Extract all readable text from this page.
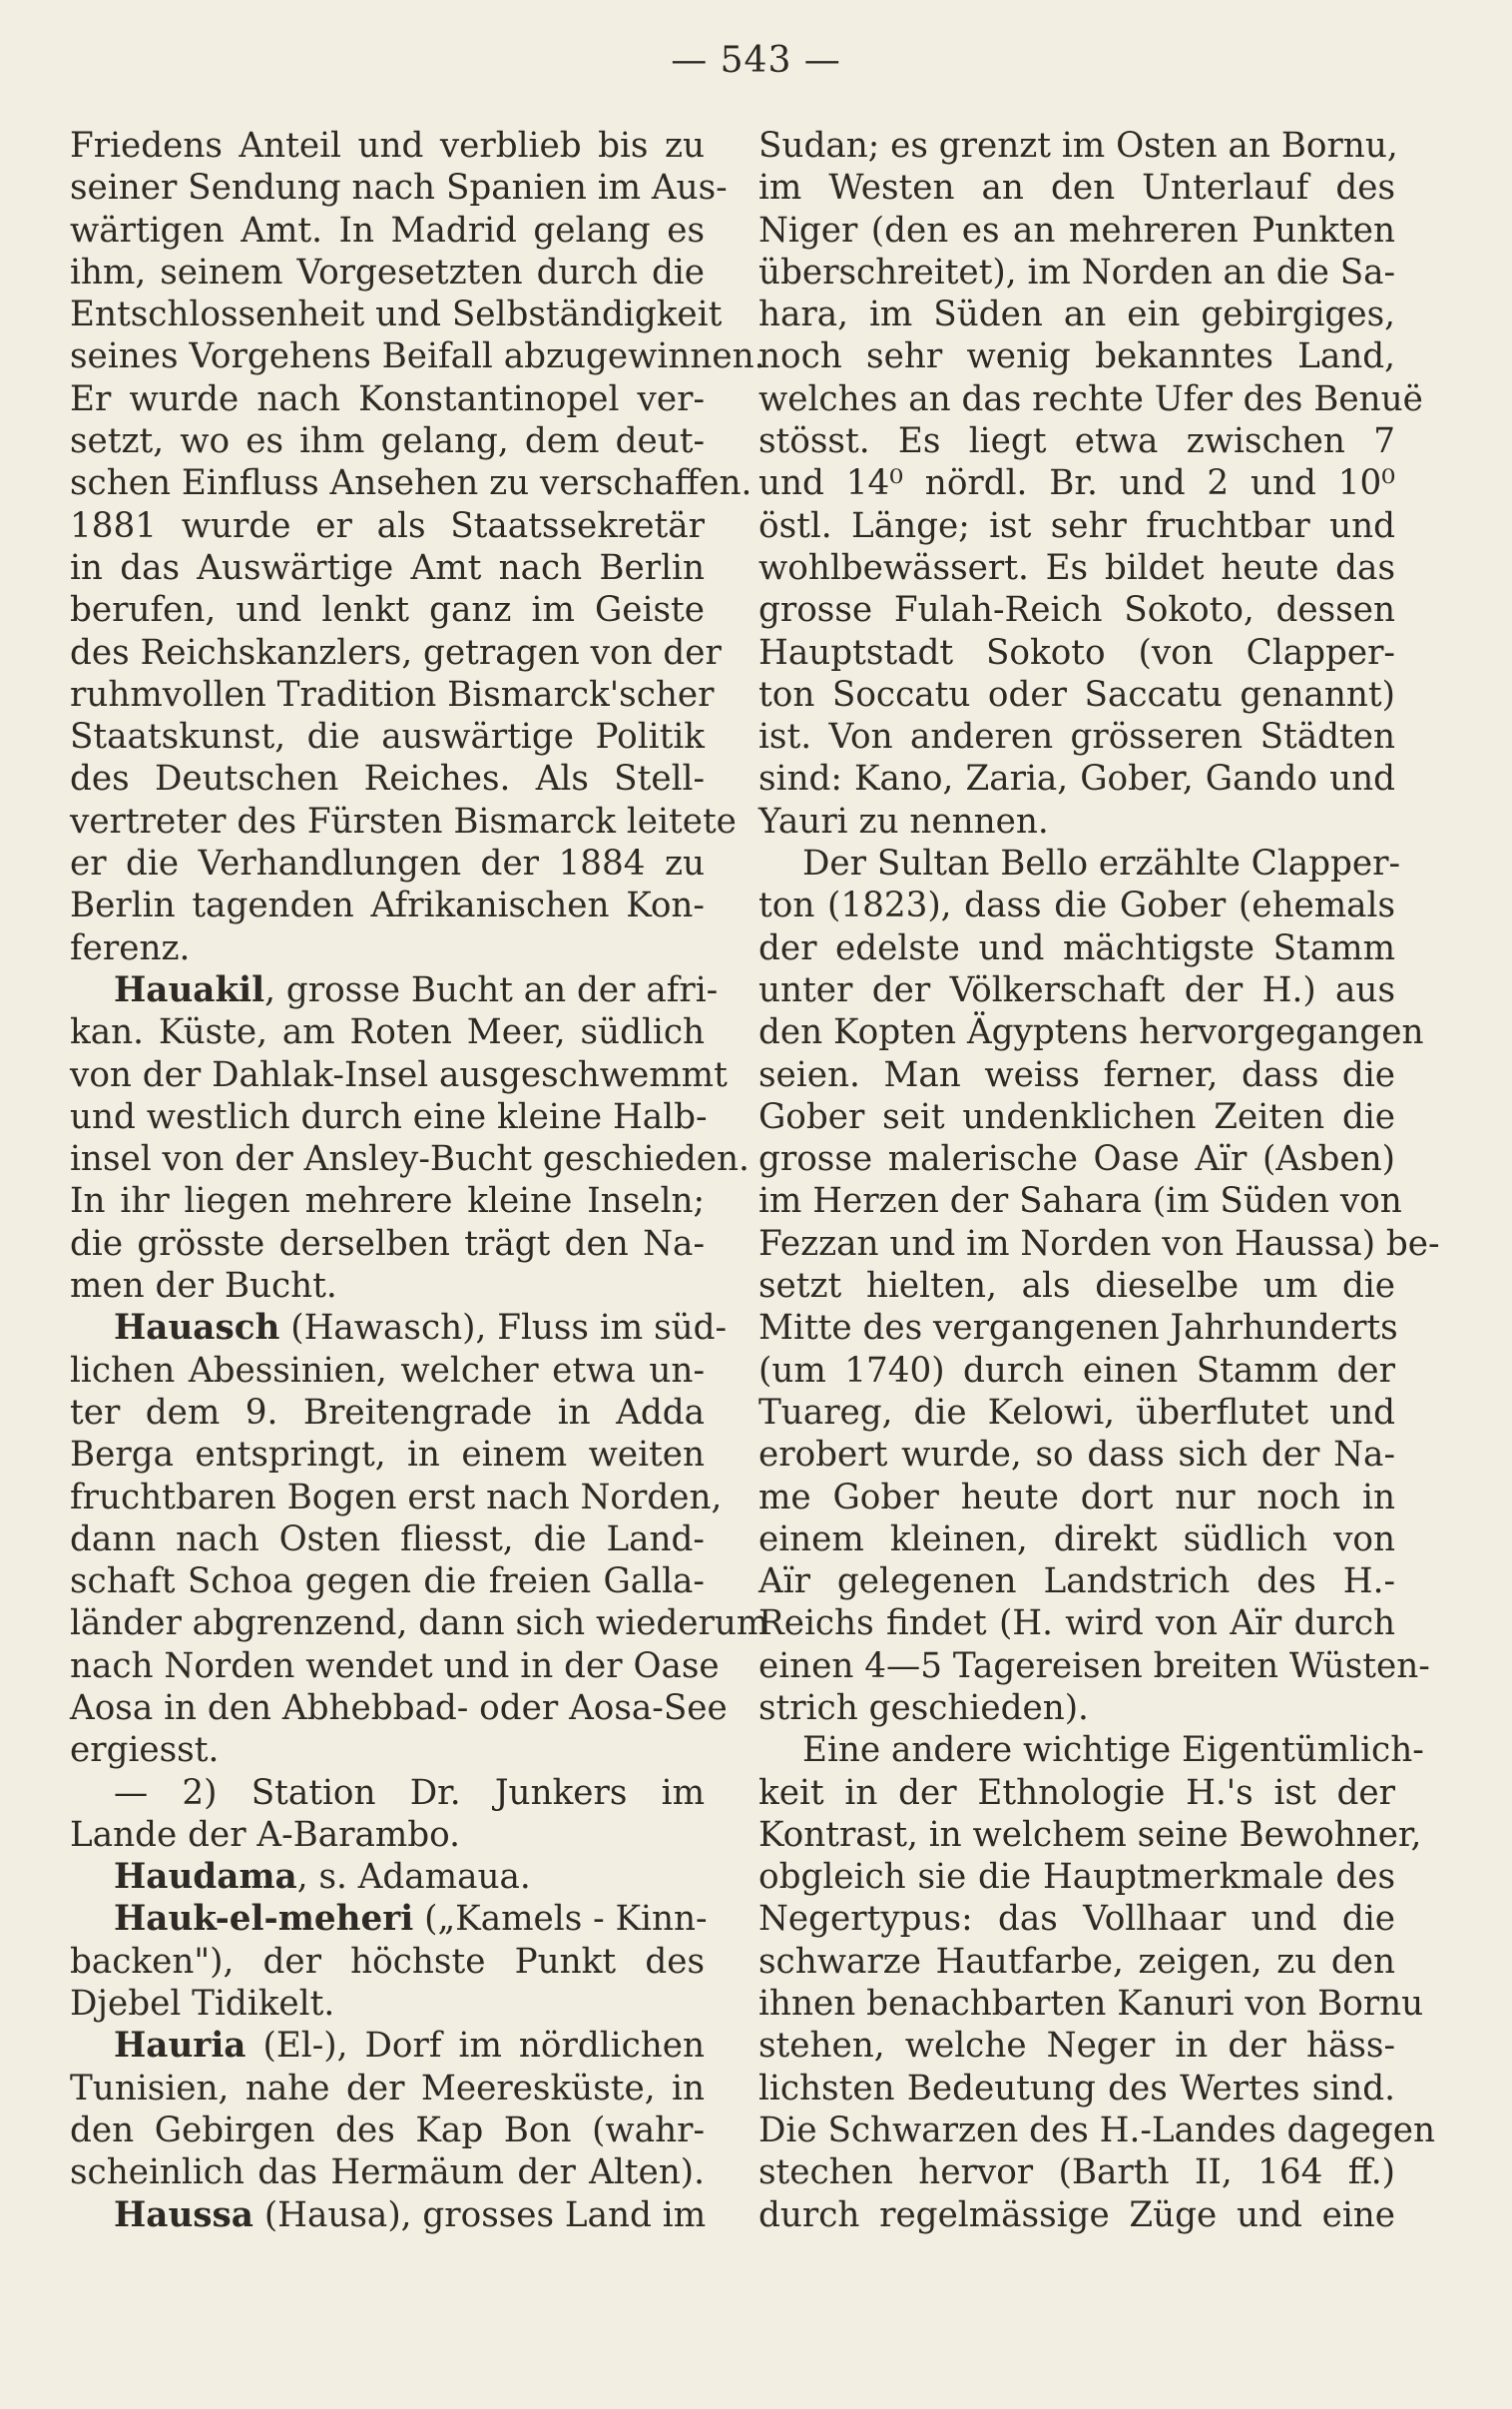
— 543 —
Friedens Anteil und verblieb bis zu
seiner Sendung nach Spanien im Aus-
wärtigen Amt. In Madrid gelang es
ihm, seinem Vorgesetzten durch die
Entschlossenheit und Selbständigkeit
seines Vorgehens Beifall abzugewinnen.
Er wurde nach Konstantinopel ver-
setzt, wo es ihm gelang, dem deut-
schen Einfluss Ansehen zu verschaffen.
1881 wurde er als Staatssekretär
in das Auswärtige Amt nach Berlin
berufen, und lenkt ganz im Geiste
des Reichskanzlers, getragen von der
ruhmvollen Tradition Bismarck'scher
Staatskunst, die auswärtige Politik
des Deutschen Reiches. Als Stell-
vertreter des Fürsten Bismarck leitete
er die Verhandlungen der 1884 zu
Berlin tagenden Afrikanischen Kon-
ferenz.
Hauakil, grosse Bucht an der afri-
kan. Küste, am Roten Meer, südlich
von der Dahlak-Insel ausgeschwemmt
und westlich durch eine kleine Halb-
insel von der Ansley-Bucht geschieden.
In ihr liegen mehrere kleine Inseln;
die grösste derselben trägt den Na-
men der Bucht.
Hauasch (Hawasch), Fluss im süd-
lichen Abessinien, welcher etwa un-
ter dem 9. Breitengrade in Adda
Berga entspringt, in einem weiten
fruchtbaren Bogen erst nach Norden,
dann nach Osten fliesst, die Land-
schaft Schoa gegen die freien Galla-
länder abgrenzend, dann sich wiederum
nach Norden wendet und in der Oase
Aosa in den Abhebbad- oder Aosa-See
ergiesst.
— 2) Station Dr. Junkers im
Lande der A-Barambo.
Haudama, s. Adamaua.
Hauk-el-meheri („Kamels - Kinn-
backen"), der höchste Punkt des
Djebel Tidikelt.
Hauria (El-), Dorf im nördlichen
Tunisien, nahe der Meeresküste, in
den Gebirgen des Kap Bon (wahr-
scheinlich das Hermäum der Alten).
Haussa (Hausa), grosses Land im
Sudan; es grenzt im Osten an Bornu,
im Westen an den Unterlauf des
Niger (den es an mehreren Punkten
überschreitet), im Norden an die Sa-
hara, im Süden an ein gebirgiges,
noch sehr wenig bekanntes Land,
welches an das rechte Ufer des Benuë
stösst. Es liegt etwa zwischen 7
und 14⁰ nördl. Br. und 2 und 10⁰
östl. Länge; ist sehr fruchtbar und
wohlbewässert. Es bildet heute das
grosse Fulah-Reich Sokoto, dessen
Hauptstadt Sokoto (von Clapper-
ton Soccatu oder Saccatu genannt)
ist. Von anderen grösseren Städten
sind: Kano, Zaria, Gober, Gando und
Yauri zu nennen.
Der Sultan Bello erzählte Clapper-
ton (1823), dass die Gober (ehemals
der edelste und mächtigste Stamm
unter der Völkerschaft der H.) aus
den Kopten Ägyptens hervorgegangen
seien. Man weiss ferner, dass die
Gober seit undenklichen Zeiten die
grosse malerische Oase Aïr (Asben)
im Herzen der Sahara (im Süden von
Fezzan und im Norden von Haussa) be-
setzt hielten, als dieselbe um die
Mitte des vergangenen Jahrhunderts
(um 1740) durch einen Stamm der
Tuareg, die Kelowi, überflutet und
erobert wurde, so dass sich der Na-
me Gober heute dort nur noch in
einem kleinen, direkt südlich von
Aïr gelegenen Landstrich des H.-
Reichs findet (H. wird von Aïr durch
einen 4—5 Tagereisen breiten Wüsten-
strich geschieden).
Eine andere wichtige Eigentümlich-
keit in der Ethnologie H.'s ist der
Kontrast, in welchem seine Bewohner,
obgleich sie die Hauptmerkmale des
Negertypus: das Vollhaar und die
schwarze Hautfarbe, zeigen, zu den
ihnen benachbarten Kanuri von Bornu
stehen, welche Neger in der häss-
lichsten Bedeutung des Wertes sind.
Die Schwarzen des H.-Landes dagegen
stechen hervor (Barth II, 164 ff.)
durch regelmässige Züge und eine
